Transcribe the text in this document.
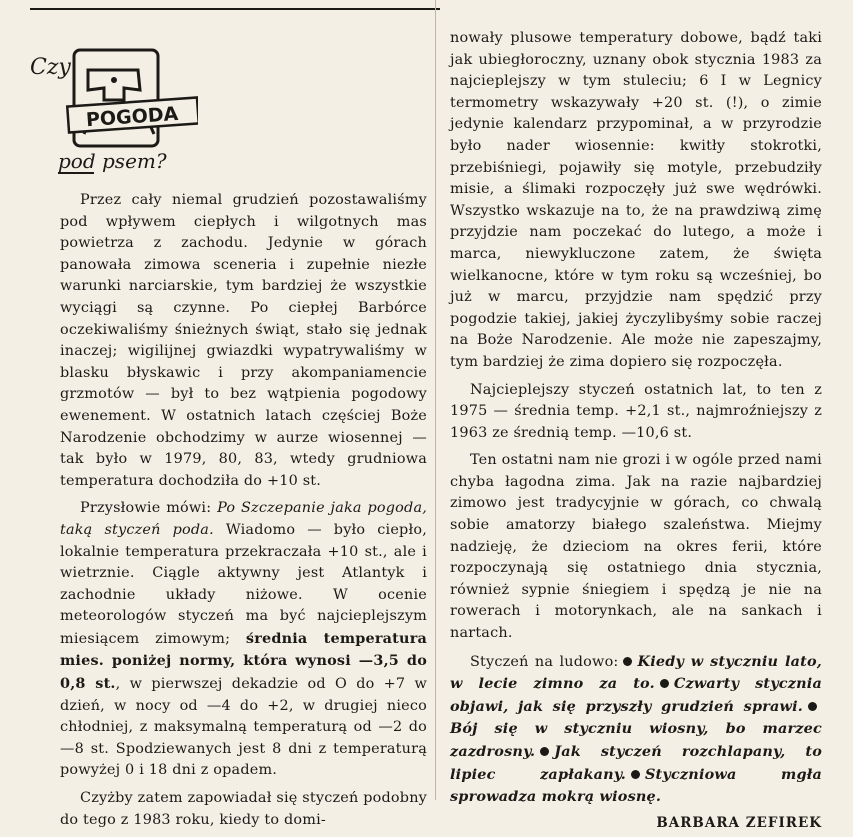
Czy
POGODA
pod psem?

Przez cały niemal grudzień pozostawaliśmy pod wpływem ciepłych i wilgotnych mas powietrza z zachodu. Jedynie w górach panowała zimowa sceneria i zupełnie niezłe warunki narciarskie, tym bardziej że wszystkie wyciągi są czynne. Po ciepłej Barbórce oczekiwaliśmy śnieżnych świąt, stało się jednak inaczej; wigilijnej gwiazdki wypatrywaliśmy w blasku błyskawic i przy akompaniamencie grzmotów — był to bez wątpienia pogodowy ewenement. W ostatnich latach częściej Boże Narodzenie obchodzimy w aurze wiosennej — tak było w 1979, 80, 83, wtedy grudniowa temperatura dochodziła do +10 st.

Przysłowie mówi: Po Szczepanie jaka pogoda, taką styczeń poda. Wiadomo — było ciepło, lokalnie temperatura przekraczała +10 st., ale i wietrznie. Ciągle aktywny jest Atlantyk i zachodnie układy niżowe. W ocenie meteorologów styczeń ma być najcieplejszym miesiącem zimowym; średnia temperatura mies. poniżej normy, która wynosi —3,5 do 0,8 st., w pierwszej dekadzie od O do +7 w dzień, w nocy od —4 do +2, w drugiej nieco chłodniej, z maksymalną temperaturą od —2 do —8 st. Spodziewanych jest 8 dni z temperaturą powyżej 0 i 18 dni z opadem.

Czyżby zatem zapowiadał się styczeń podobny do tego z 1983 roku, kiedy to domi-

nowały plusowe temperatury dobowe, bądź taki jak ubiegłoroczny, uznany obok stycznia 1983 za najcieplejszy w tym stuleciu; 6 I w Legnicy termometry wskazywały +20 st. (!), o zimie jedynie kalendarz przypominał, a w przyrodzie było nader wiosennie: kwitły stokrotki, przebiśniegi, pojawiły się motyle, przebudziły misie, a ślimaki rozpoczęły już swe wędrówki. Wszystko wskazuje na to, że na prawdziwą zimę przyjdzie nam poczekać do lutego, a może i marca, niewykluczone zatem, że święta wielkanocne, które w tym roku są wcześniej, bo już w marcu, przyjdzie nam spędzić przy pogodzie takiej, jakiej życzylibyśmy sobie raczej na Boże Narodzenie. Ale może nie zapeszajmy, tym bardziej że zima dopiero się rozpoczęła.

Najcieplejszy styczeń ostatnich lat, to ten z 1975 — średnia temp. +2,1 st., najmroźniejszy z 1963 ze średnią temp. —10,6 st.

Ten ostatni nam nie grozi i w ogóle przed nami chyba łagodna zima. Jak na razie najbardziej zimowo jest tradycyjnie w górach, co chwalą sobie amatorzy białego szaleństwa. Miejmy nadzieję, że dzieciom na okres ferii, które rozpoczynają się ostatniego dnia stycznia, również sypnie śniegiem i spędzą je nie na rowerach i motorynkach, ale na sankach i nartach.

Styczeń na ludowo: Kiedy w styczniu lato, w lecie zimno za to. Czwarty stycznia objawi, jak się przyszły grudzień sprawi.Bój się w styczniu wiosny, bo marzec zazdrosny. Jak styczeń rozchlapany, to lipiec zapłakany. Styczniowa mgła sprowadza mokrą wiosnę.

BARBARA ZEFIREK
